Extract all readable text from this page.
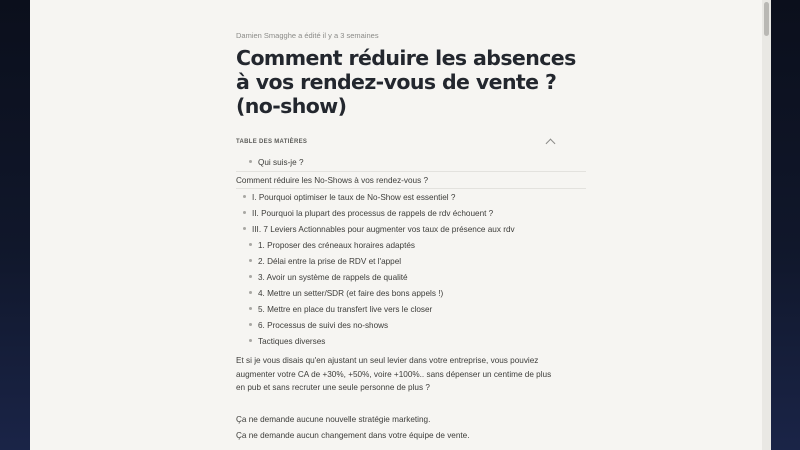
Damien Smagghe a édité il y a 3 semaines
Comment réduire les absences à vos rendez-vous de vente ? (no-show)
TABLE DES MATIÈRES
Qui suis-je ?
Comment réduire les No-Shows à vos rendez-vous ?
I. Pourquoi optimiser le taux de No-Show est essentiel ?
II. Pourquoi la plupart des processus de rappels de rdv échouent ?
III. 7 Leviers Actionnables pour augmenter vos taux de présence aux rdv
1. Proposer des créneaux horaires adaptés
2. Délai entre la prise de RDV et l'appel
3. Avoir un système de rappels de qualité
4. Mettre un setter/SDR (et faire des bons appels !)
5. Mettre en place du transfert live vers le closer
6. Processus de suivi des no-shows
Tactiques diverses

Et si je vous disais qu'en ajustant un seul levier dans votre entreprise, vous pouviez augmenter votre CA de +30%, +50%, voire +100%.. sans dépenser un centime de plus en pub et sans recruter une seule personne de plus ?

Ça ne demande aucune nouvelle stratégie marketing.

Ça ne demande aucun changement dans votre équipe de vente.
